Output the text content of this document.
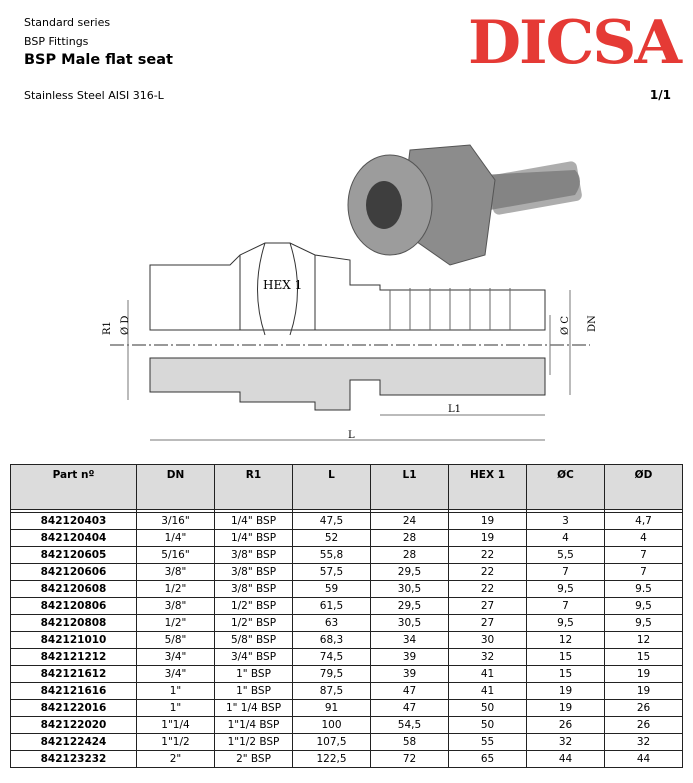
Standard series
BSP Fittings
BSP Male flat seat
Stainless Steel AISI 316-L	1/1
DICSA
HEX 1
R1 Ø D	Ø C DN
L1
L
Part nº	DN	R1	L	L1	HEX 1	ØC	ØD

842120403	3/16"	1/4" BSP	47,5	24	19	3	4,7
842120404	1/4"	1/4" BSP	52	28	19	4	4
842120605	5/16"	3/8" BSP	55,8	28	22	5,5	7
842120606	3/8"	3/8" BSP	57,5	29,5	22	7	7
842120608	1/2"	3/8" BSP	59	30,5	22	9,5	9.5
842120806	3/8"	1/2" BSP	61,5	29,5	27	7	9,5
842120808	1/2"	1/2" BSP	63	30,5	27	9,5	9,5
842121010	5/8"	5/8" BSP	68,3	34	30	12	12
842121212	3/4"	3/4" BSP	74,5	39	32	15	15
842121612	3/4"	1" BSP	79,5	39	41	15	19
842121616	1"	1" BSP	87,5	47	41	19	19
842122016	1"	1" 1/4 BSP	91	47	50	19	26
842122020	1"1/4	1"1/4 BSP	100	54,5	50	26	26
842122424	1"1/2	1"1/2 BSP	107,5	58	55	32	32
842123232	2"	2" BSP	122,5	72	65	44	44
